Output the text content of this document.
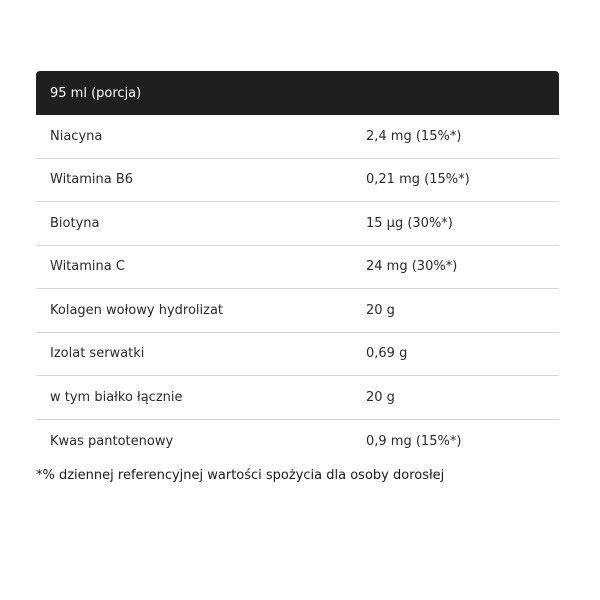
95 ml (porcja)
Niacyna	2,4 mg (15%*)
Witamina B6	0,21 mg (15%*)
Biotyna	15 µg (30%*)
Witamina C	24 mg (30%*)
Kolagen wołowy hydrolizat	20 g
Izolat serwatki	0,69 g
w tym białko łącznie	20 g
Kwas pantotenowy	0,9 mg (15%*)
*% dziennej referencyjnej wartości spożycia dla osoby dorosłej
